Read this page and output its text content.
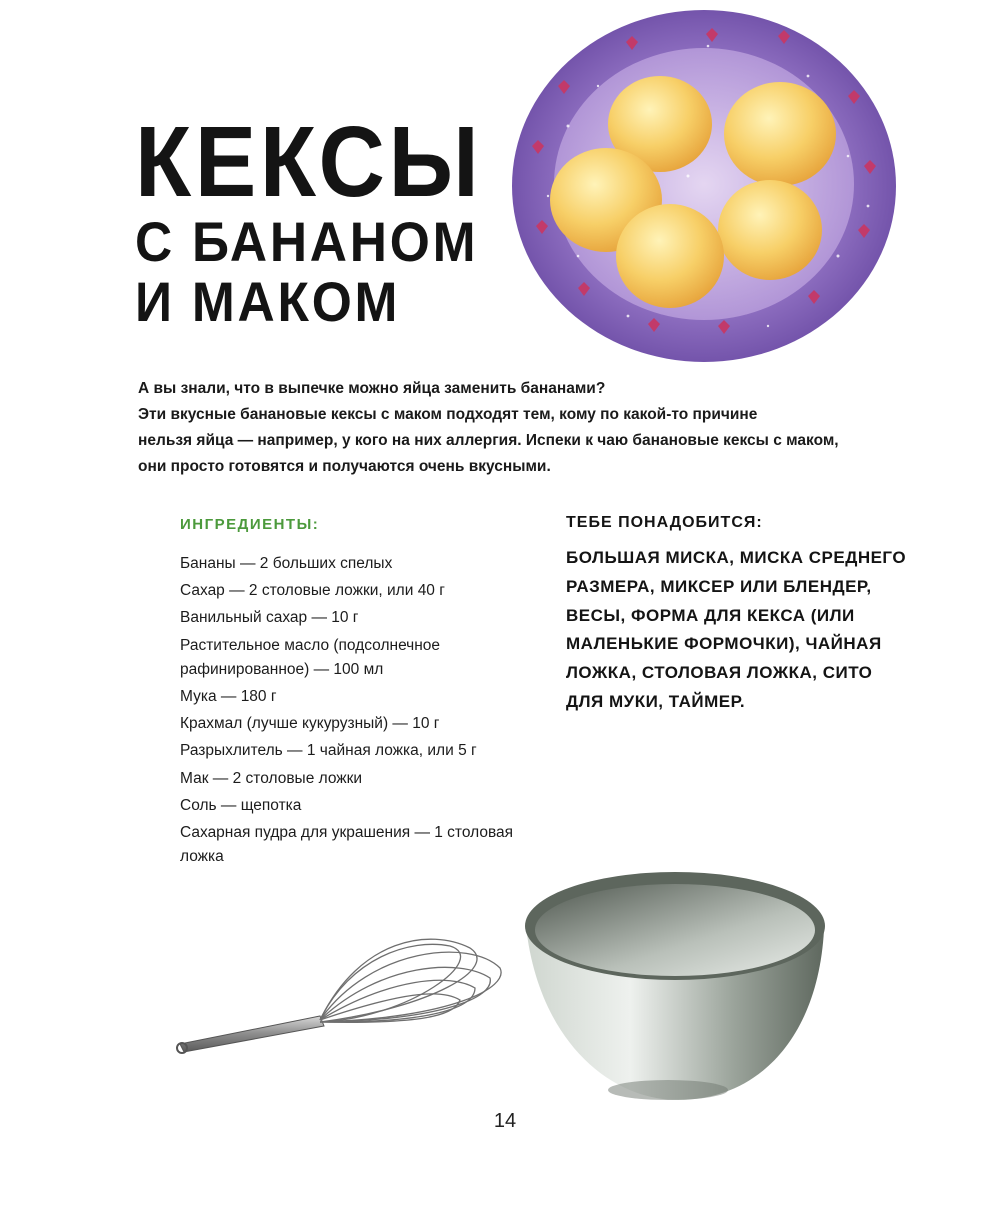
КЕКСЫ
С БАНАНОМ
И МАКОМ
А вы знали, что в выпечке можно яйца заменить бананами?
Эти вкусные банановые кексы с маком подходят тем, кому по какой-то причине
нельзя яйца — например, у кого на них аллергия. Испеки к чаю банановые кексы с маком,
они просто готовятся и получаются очень вкусными.
ИНГРЕДИЕНТЫ:
Бананы — 2 больших спелых
Сахар — 2 столовые ложки, или 40 г
Ванильный сахар — 10 г
Растительное масло (подсолнечное рафинированное) — 100 мл
Мука — 180 г
Крахмал (лучше кукурузный) — 10 г
Разрыхлитель — 1 чайная ложка, или 5 г
Мак — 2 столовые ложки
Соль — щепотка
Сахарная пудра для украшения — 1 столовая ложка
ТЕБЕ ПОНАДОБИТСЯ:
БОЛЬШАЯ МИСКА, МИСКА СРЕДНЕГО
РАЗМЕРА, МИКСЕР ИЛИ БЛЕНДЕР,
ВЕСЫ, ФОРМА ДЛЯ КЕКСА (ИЛИ
МАЛЕНЬКИЕ ФОРМОЧКИ), ЧАЙНАЯ
ЛОЖКА, СТОЛОВАЯ ЛОЖКА, СИТО
ДЛЯ МУКИ, ТАЙМЕР.
14
